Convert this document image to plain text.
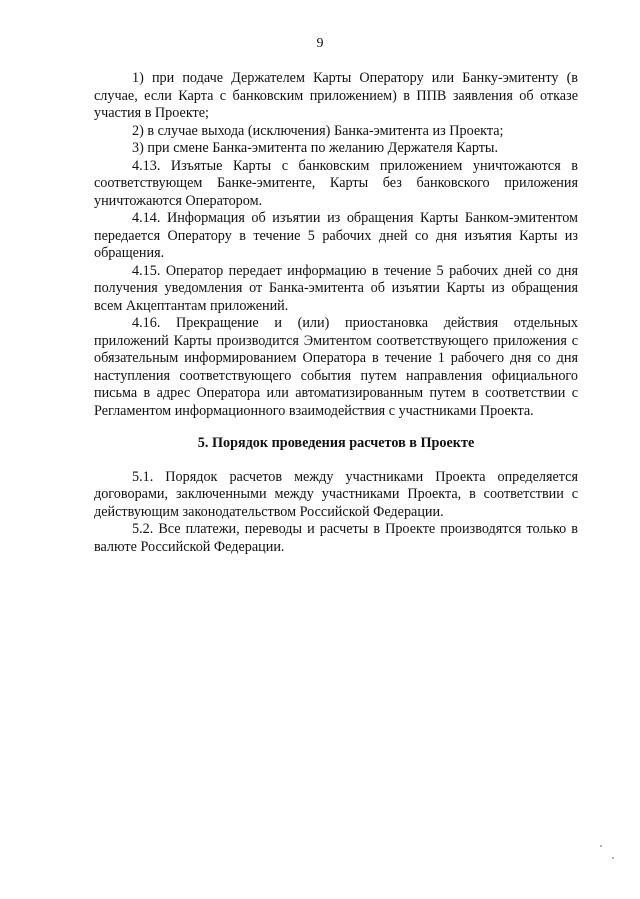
9

1) при подаче Держателем Карты Оператору или Банку-эмитенту (в случае, если Карта с банковским приложением) в ППВ заявления об отказе участия в Проекте;

2) в случае выхода (исключения) Банка-эмитента из Проекта;

3) при смене Банка-эмитента по желанию Держателя Карты.

4.13. Изъятые Карты с банковским приложением уничтожаются в соответствующем Банке-эмитенте, Карты без банковского приложения уничтожаются Оператором.

4.14. Информация об изъятии из обращения Карты Банком-эмитентом передается Оператору в течение 5 рабочих дней со дня изъятия Карты из обращения.

4.15. Оператор передает информацию в течение 5 рабочих дней со дня получения уведомления от Банка-эмитента об изъятии Карты из обращения всем Акцептантам приложений.

4.16. Прекращение и (или) приостановка действия отдельных приложений Карты производится Эмитентом соответствующего приложения с обязательным информированием Оператора в течение 1 рабочего дня со дня наступления соответствующего события путем направления официального письма в адрес Оператора или автоматизированным путем в соответствии с Регламентом информационного взаимодействия с участниками Проекта.

5. Порядок проведения расчетов в Проекте

5.1. Порядок расчетов между участниками Проекта определяется договорами, заключенными между участниками Проекта, в соответствии с действующим законодательством Российской Федерации.

5.2. Все платежи, переводы и расчеты в Проекте производятся только в валюте Российской Федерации.
